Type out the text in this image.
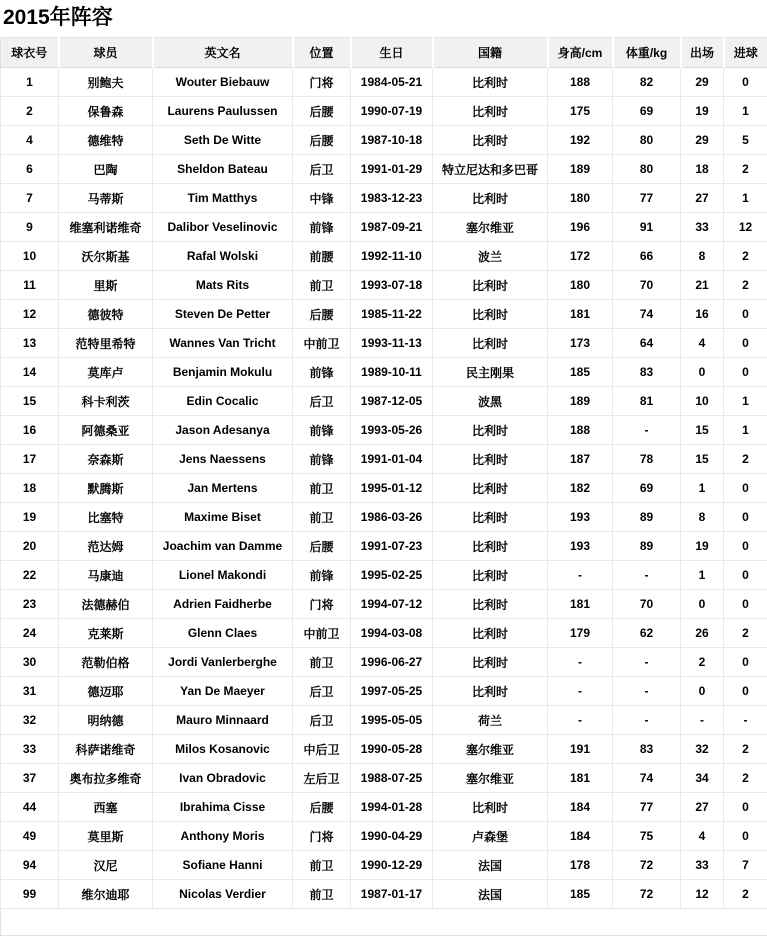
2015年阵容
球衣号	球员	英文名	位置	生日	国籍	身高/cm	体重/kg	出场	进球
1	别鲍夫	Wouter Biebauw	门将	1984-05-21	比利时	188	82	29	0
2	保鲁森	Laurens Paulussen	后腰	1990-07-19	比利时	175	69	19	1
4	德维特	Seth De Witte	后腰	1987-10-18	比利时	192	80	29	5
6	巴陶	Sheldon Bateau	后卫	1991-01-29	特立尼达和多巴哥	189	80	18	2
7	马蒂斯	Tim Matthys	中锋	1983-12-23	比利时	180	77	27	1
9	维塞利诺维奇	Dalibor Veselinovic	前锋	1987-09-21	塞尔维亚	196	91	33	12
10	沃尔斯基	Rafal Wolski	前腰	1992-11-10	波兰	172	66	8	2
11	里斯	Mats Rits	前卫	1993-07-18	比利时	180	70	21	2
12	德彼特	Steven De Petter	后腰	1985-11-22	比利时	181	74	16	0
13	范特里希特	Wannes Van Tricht	中前卫	1993-11-13	比利时	173	64	4	0
14	莫库卢	Benjamin Mokulu	前锋	1989-10-11	民主刚果	185	83	0	0
15	科卡利茨	Edin Cocalic	后卫	1987-12-05	波黑	189	81	10	1
16	阿德桑亚	Jason Adesanya	前锋	1993-05-26	比利时	188	-	15	1
17	奈森斯	Jens Naessens	前锋	1991-01-04	比利时	187	78	15	2
18	默腾斯	Jan Mertens	前卫	1995-01-12	比利时	182	69	1	0
19	比塞特	Maxime Biset	前卫	1986-03-26	比利时	193	89	8	0
20	范达姆	Joachim van Damme	后腰	1991-07-23	比利时	193	89	19	0
22	马康迪	Lionel Makondi	前锋	1995-02-25	比利时	-	-	1	0
23	法德赫伯	Adrien Faidherbe	门将	1994-07-12	比利时	181	70	0	0
24	克莱斯	Glenn Claes	中前卫	1994-03-08	比利时	179	62	26	2
30	范勒伯格	Jordi Vanlerberghe	前卫	1996-06-27	比利时	-	-	2	0
31	德迈耶	Yan De Maeyer	后卫	1997-05-25	比利时	-	-	0	0
32	明纳德	Mauro Minnaard	后卫	1995-05-05	荷兰	-	-	-	-
33	科萨诺维奇	Milos Kosanovic	中后卫	1990-05-28	塞尔维亚	191	83	32	2
37	奥布拉多维奇	Ivan Obradovic	左后卫	1988-07-25	塞尔维亚	181	74	34	2
44	西塞	Ibrahima Cisse	后腰	1994-01-28	比利时	184	77	27	0
49	莫里斯	Anthony Moris	门将	1990-04-29	卢森堡	184	75	4	0
94	汉尼	Sofiane Hanni	前卫	1990-12-29	法国	178	72	33	7
99	维尔迪耶	Nicolas Verdier	前卫	1987-01-17	法国	185	72	12	2
